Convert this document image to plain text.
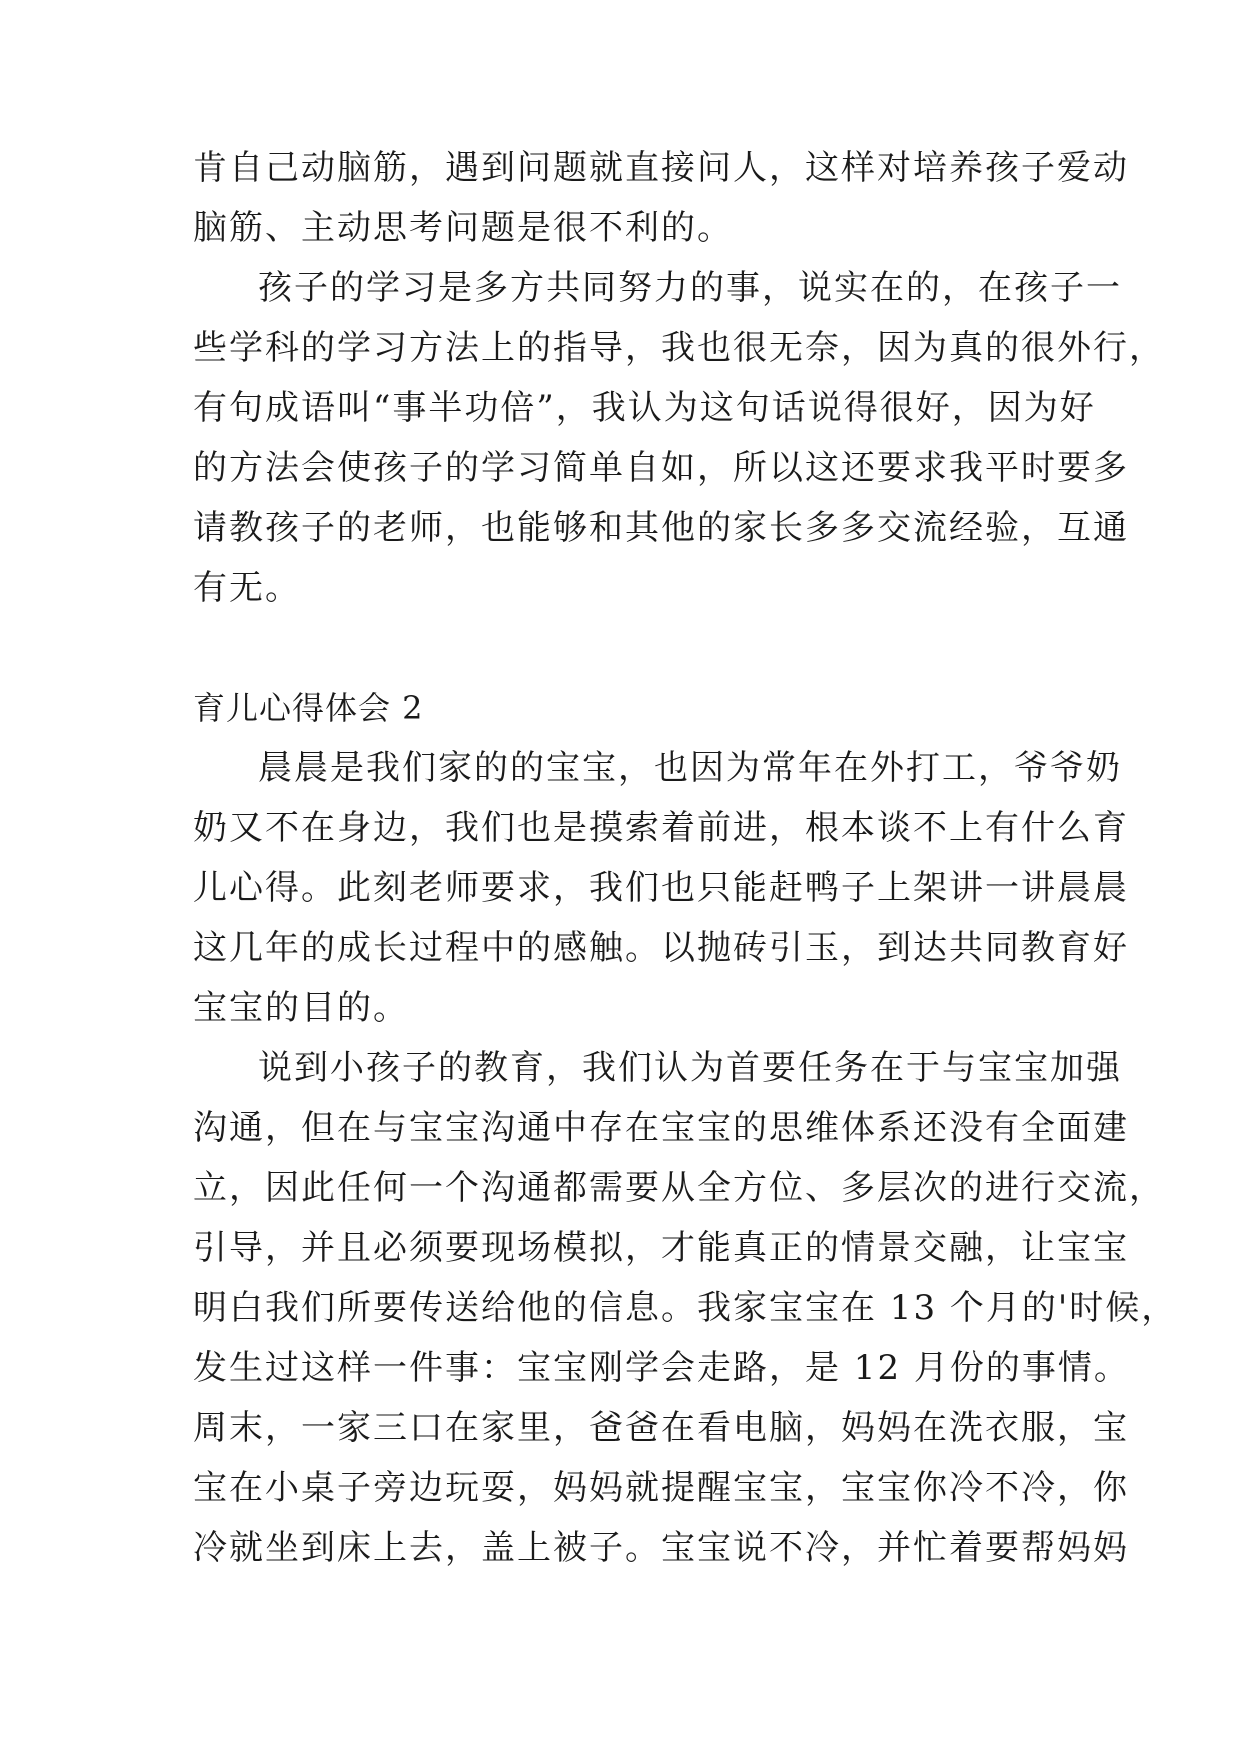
肯自己动脑筋，遇到问题就直接问人，这样对培养孩子爱动
脑筋、主动思考问题是很不利的。
孩子的学习是多方共同努力的事，说实在的，在孩子一
些学科的学习方法上的指导，我也很无奈，因为真的很外行，
有句成语叫“事半功倍”，我认为这句话说得很好，因为好
的方法会使孩子的学习简单自如，所以这还要求我平时要多
请教孩子的老师，也能够和其他的家长多多交流经验，互通
有无。
育儿心得体会 2
晨晨是我们家的的宝宝，也因为常年在外打工，爷爷奶
奶又不在身边，我们也是摸索着前进，根本谈不上有什么育
儿心得。此刻老师要求，我们也只能赶鸭子上架讲一讲晨晨
这几年的成长过程中的感触。以抛砖引玉，到达共同教育好
宝宝的目的。
说到小孩子的教育，我们认为首要任务在于与宝宝加强
沟通，但在与宝宝沟通中存在宝宝的思维体系还没有全面建
立，因此任何一个沟通都需要从全方位、多层次的进行交流，
引导，并且必须要现场模拟，才能真正的情景交融，让宝宝
明白我们所要传送给他的信息。我家宝宝在 13 个月的'时候，
发生过这样一件事：宝宝刚学会走路，是 12 月份的事情。
周末，一家三口在家里，爸爸在看电脑，妈妈在洗衣服，宝
宝在小桌子旁边玩耍，妈妈就提醒宝宝，宝宝你冷不冷，你
冷就坐到床上去，盖上被子。宝宝说不冷，并忙着要帮妈妈
